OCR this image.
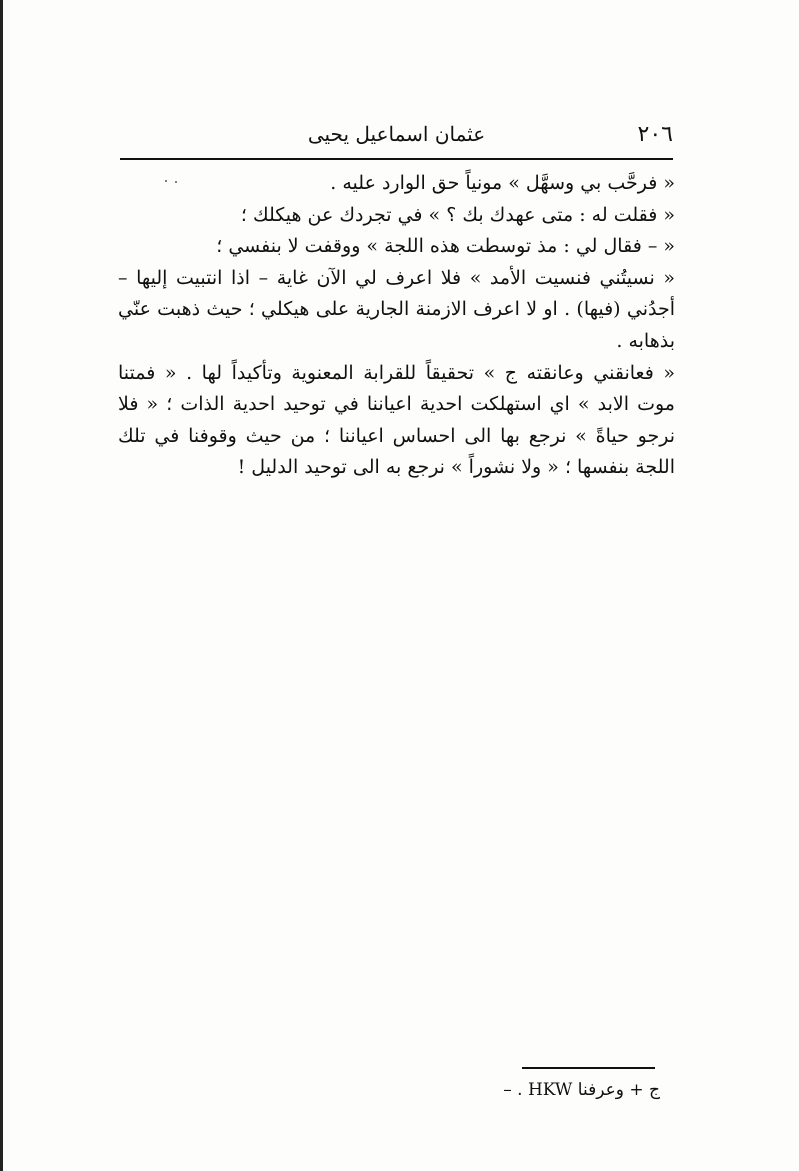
٢٠٦
عثمان اسماعيل يحيى

« فرحَّب بي وسهَّل » مونياً حق الوارد عليه .

« فقلت له : متى عهدك بك ؟ » في تجردك عن هيكلك ؛

« – فقال لي : مذ توسطت هذه اللجة » ووقفت لا بنفسي ؛

« نسيتُني فنسيت الأمد » فلا اعرف لي الآن غاية – اذا انتبيت إليها – أجدُني (فيها) . او لا اعرف الازمنة الجارية على هيكلي ؛ حيث ذهبت عنّي بذهابه .

« فعانقني وعانقته ج » تحقيقاً للقرابة المعنوية وتأكيداً لها . « فمتنا موت الابد » اي استهلكت احدية اعياننا في توحيد احدية الذات ؛ « فلا نرجو حياةً » نرجع بها الى احساس اعياننا ؛ من حيث وقوفنا في تلك اللجة بنفسها ؛ « ولا نشوراً » نرجع به الى توحيد الدليل !

ج + وعرفنا HKW . –
